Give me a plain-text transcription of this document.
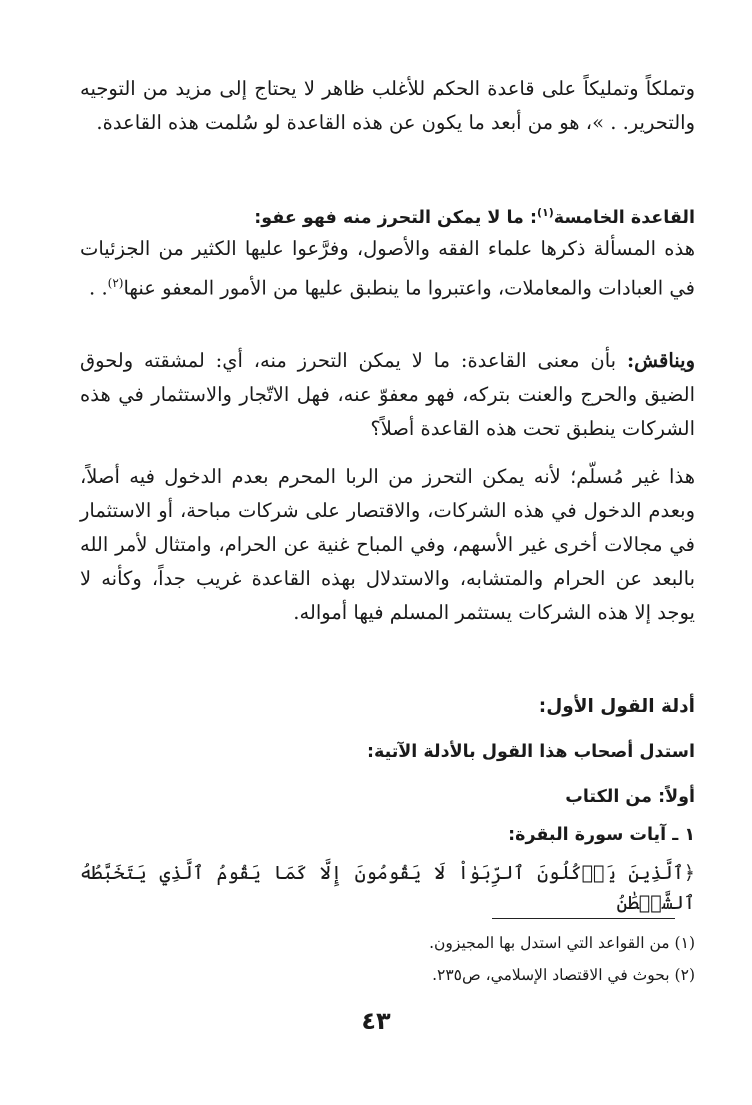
وتملكاً وتمليكاً على قاعدة الحكم للأغلب ظاهر لا يحتاج إلى مزيد من التوجيه والتحرير. . »، هو من أبعد ما يكون عن هذه القاعدة لو سُلمت هذه القاعدة.
القاعدة الخامسة$^{(١)}$: ما لا يمكن التحرز منه فهو عفو:
هذه المسألة ذكرها علماء الفقه والأصول، وفرَّعوا عليها الكثير من الجزئيات في العبادات والمعاملات، واعتبروا ما ينطبق عليها من الأمور المعفو عنها$^{(٢)}$. .
ويناقش: بأن معنى القاعدة: ما لا يمكن التحرز منه، أي: لمشقته ولحوق الضيق والحرج والعنت بتركه، فهو معفوّ عنه، فهل الاتّجار والاستثمار في هذه الشركات ينطبق تحت هذه القاعدة أصلاً؟
هذا غير مُسلّم؛ لأنه يمكن التحرز من الربا المحرم بعدم الدخول فيه أصلاً، وبعدم الدخول في هذه الشركات، والاقتصار على شركات مباحة، أو الاستثمار في مجالات أخرى غير الأسهم، وفي المباح غنية عن الحرام، وامتثال لأمر الله بالبعد عن الحرام والمتشابه، والاستدلال بهذه القاعدة غريب جداً، وكأنه لا يوجد إلا هذه الشركات يستثمر المسلم فيها أمواله.
أدلة القول الأول:
استدل أصحاب هذا القول بالأدلة الآتية:
أولاً: من الكتاب
١ ـ آيات سورة البقرة:
﴿ٱلَّذِينَ يَأۡكُلُونَ ٱلرِّبَوٰاْ لَا يَقُومُونَ إِلَّا كَمَا يَقُومُ ٱلَّذِي يَتَخَبَّطُهُ ٱلشَّيۡطَٰنُ
(١) من القواعد التي استدل بها المجيزون.
(٢) بحوث في الاقتصاد الإسلامي، ص٢٣٥.
٤٣
